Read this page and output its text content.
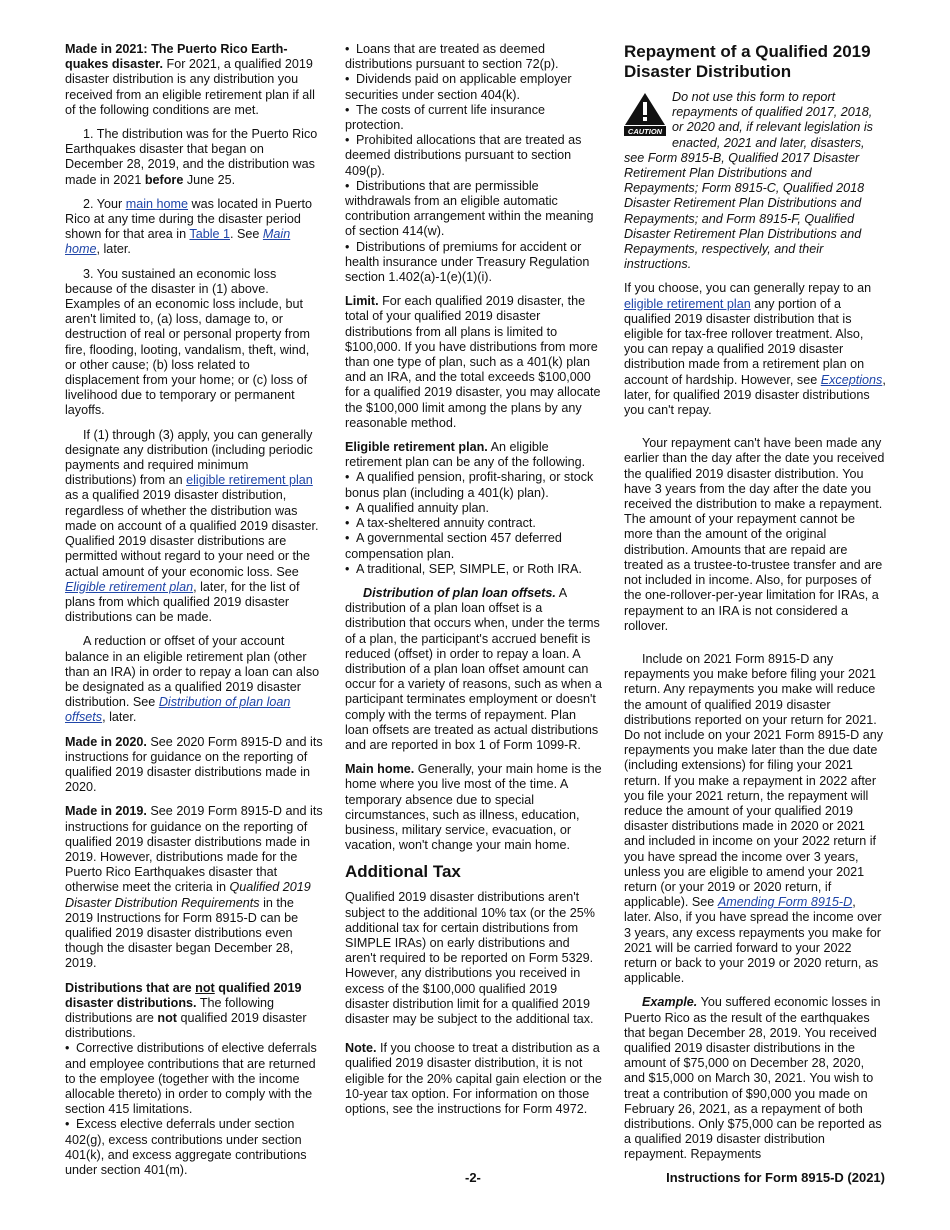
Made in 2021: The Puerto Rico Earth-quakes disaster. For 2021, a qualified 2019 disaster distribution is any distribution you received from an eligible retirement plan if all of the following conditions are met.

1. The distribution was for the Puerto Rico Earthquakes disaster that began on December 28, 2019, and the distribution was made in 2021 before June 25.

2. Your main home was located in Puerto Rico at any time during the disaster period shown for that area in Table 1. See Main home, later.

3. You sustained an economic loss because of the disaster in (1) above. Examples of an economic loss include, but aren't limited to, (a) loss, damage to, or destruction of real or personal property from fire, flooding, looting, vandalism, theft, wind, or other cause; (b) loss related to displacement from your home; or (c) loss of livelihood due to temporary or permanent layoffs.

If (1) through (3) apply, you can generally designate any distribution (including periodic payments and required minimum distributions) from an eligible retirement plan as a qualified 2019 disaster distribution, regardless of whether the distribution was made on account of a qualified 2019 disaster. Qualified 2019 disaster distributions are permitted without regard to your need or the actual amount of your economic loss. See Eligible retirement plan, later, for the list of plans from which qualified 2019 disaster distributions can be made.

A reduction or offset of your account balance in an eligible retirement plan (other than an IRA) in order to repay a loan can also be designated as a qualified 2019 disaster distribution. See Distribution of plan loan offsets, later.

Made in 2020. See 2020 Form 8915-D and its instructions for guidance on the reporting of qualified 2019 disaster distributions made in 2020.

Made in 2019. See 2019 Form 8915-D and its instructions for guidance on the reporting of qualified 2019 disaster distributions made in 2019. However, distributions made for the Puerto Rico Earthquakes disaster that otherwise meet the criteria in Qualified 2019 Disaster Distribution Requirements in the 2019 Instructions for Form 8915-D can be qualified 2019 disaster distributions even though the disaster began December 28, 2019.

Distributions that are not qualified 2019 disaster distributions. The following distributions are not qualified 2019 disaster distributions.

• Corrective distributions of elective deferrals and employee contributions that are returned to the employee (together with the income allocable thereto) in order to comply with the section 415 limitations.

• Excess elective deferrals under section 402(g), excess contributions under section 401(k), and excess aggregate contributions under section 401(m).

• Loans that are treated as deemed distributions pursuant to section 72(p).

• Dividends paid on applicable employer securities under section 404(k).

• The costs of current life insurance protection.

• Prohibited allocations that are treated as deemed distributions pursuant to section 409(p).

• Distributions that are permissible withdrawals from an eligible automatic contribution arrangement within the meaning of section 414(w).

• Distributions of premiums for accident or health insurance under Treasury Regulation section 1.402(a)-1(e)(1)(i).

Limit. For each qualified 2019 disaster, the total of your qualified 2019 disaster distributions from all plans is limited to $100,000. If you have distributions from more than one type of plan, such as a 401(k) plan and an IRA, and the total exceeds $100,000 for a qualified 2019 disaster, you may allocate the $100,000 limit among the plans by any reasonable method.

Eligible retirement plan. An eligible retirement plan can be any of the following.

• A qualified pension, profit-sharing, or stock bonus plan (including a 401(k) plan).

• A qualified annuity plan.

• A tax-sheltered annuity contract.

• A governmental section 457 deferred compensation plan.

• A traditional, SEP, SIMPLE, or Roth IRA.

Distribution of plan loan offsets. A distribution of a plan loan offset is a distribution that occurs when, under the terms of a plan, the participant's accrued benefit is reduced (offset) in order to repay a loan. A distribution of a plan loan offset amount can occur for a variety of reasons, such as when a participant terminates employment or doesn't comply with the terms of repayment. Plan loan offsets are treated as actual distributions and are reported in box 1 of Form 1099-R.

Main home. Generally, your main home is the home where you live most of the time. A temporary absence due to special circumstances, such as illness, education, business, military service, evacuation, or vacation, won't change your main home.

Additional Tax

Qualified 2019 disaster distributions aren't subject to the additional 10% tax (or the 25% additional tax for certain distributions from SIMPLE IRAs) on early distributions and aren't required to be reported on Form 5329. However, any distributions you received in excess of the $100,000 qualified 2019 disaster distribution limit for a qualified 2019 disaster may be subject to the additional tax.

Note. If you choose to treat a distribution as a qualified 2019 disaster distribution, it is not eligible for the 20% capital gain election or the 10-year tax option. For information on those options, see the instructions for Form 4972.

Repayment of a Qualified 2019 Disaster Distribution

CAUTION
Do not use this form to report repayments of qualified 2017, 2018, or 2020 and, if relevant legislation is enacted, 2021 and later, disasters, see Form 8915-B, Qualified 2017 Disaster Retirement Plan Distributions and Repayments; Form 8915-C, Qualified 2018 Disaster Retirement Plan Distributions and Repayments; and Form 8915-F, Qualified Disaster Retirement Plan Distributions and Repayments, respectively, and their instructions.

If you choose, you can generally repay to an eligible retirement plan any portion of a qualified 2019 disaster distribution that is eligible for tax-free rollover treatment. Also, you can repay a qualified 2019 disaster distribution made from a retirement plan on account of hardship. However, see Exceptions, later, for qualified 2019 disaster distributions you can't repay.

Your repayment can't have been made any earlier than the day after the date you received the qualified 2019 disaster distribution. You have 3 years from the day after the date you received the distribution to make a repayment. The amount of your repayment cannot be more than the amount of the original distribution. Amounts that are repaid are treated as a trustee-to-trustee transfer and are not included in income. Also, for purposes of the one-rollover-per-year limitation for IRAs, a repayment to an IRA is not considered a rollover.

Include on 2021 Form 8915-D any repayments you make before filing your 2021 return. Any repayments you make will reduce the amount of qualified 2019 disaster distributions reported on your return for 2021. Do not include on your 2021 Form 8915-D any repayments you make later than the due date (including extensions) for filing your 2021 return. If you make a repayment in 2022 after you file your 2021 return, the repayment will reduce the amount of your qualified 2019 disaster distributions made in 2020 or 2021 and included in income on your 2022 return if you have spread the income over 3 years, unless you are eligible to amend your 2021 return (or your 2019 or 2020 return, if applicable). See Amending Form 8915-D, later. Also, if you have spread the income over 3 years, any excess repayments you make for 2021 will be carried forward to your 2022 return or back to your 2019 or 2020 return, as applicable.

Example. You suffered economic losses in Puerto Rico as the result of the earthquakes that began December 28, 2019. You received qualified 2019 disaster distributions in the amount of $75,000 on December 28, 2020, and $15,000 on March 30, 2021. You wish to treat a contribution of $90,000 you made on February 26, 2021, as a repayment of both distributions. Only $75,000 can be reported as a qualified 2019 disaster distribution repayment. Repayments

-2-	Instructions for Form 8915-D (2021)
